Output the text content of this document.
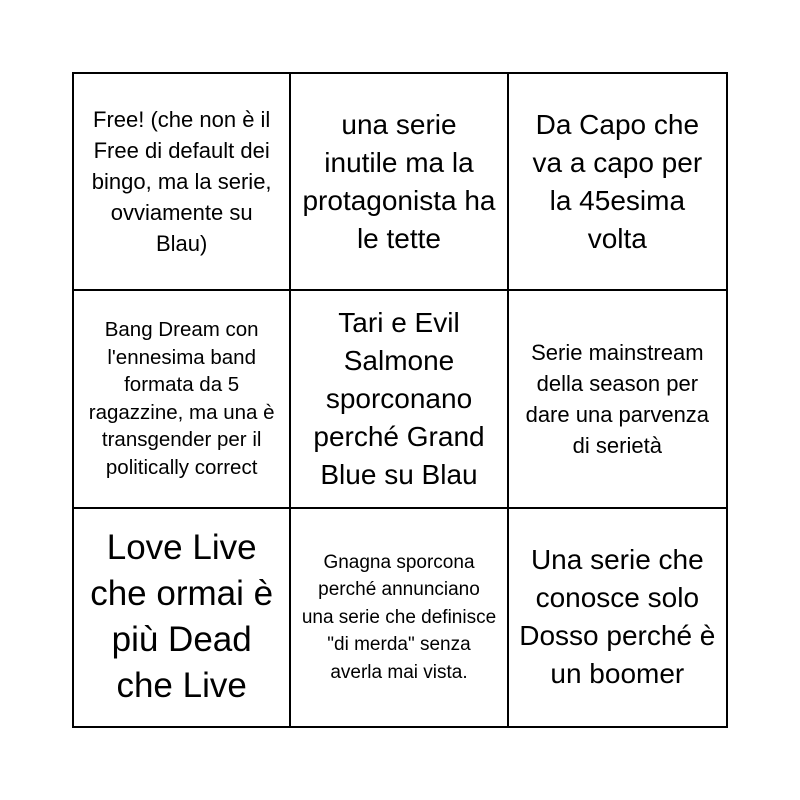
Free! (che non è il Free di default dei bingo, ma la serie, ovviamente su Blau)
una serie inutile ma la protagonista ha le tette
Da Capo che va a capo per la 45esima volta
Bang Dream con l'ennesima band formata da 5 ragazzine, ma una è transgender per il politically correct
Tari e Evil Salmone sporconano perché Grand Blue su Blau
Serie mainstream della season per dare una parvenza di serietà
Love Live che ormai è più Dead che Live
Gnagna sporcona perché annunciano una serie che definisce "di merda" senza averla mai vista.
Una serie che conosce solo Dosso perché è un boomer
